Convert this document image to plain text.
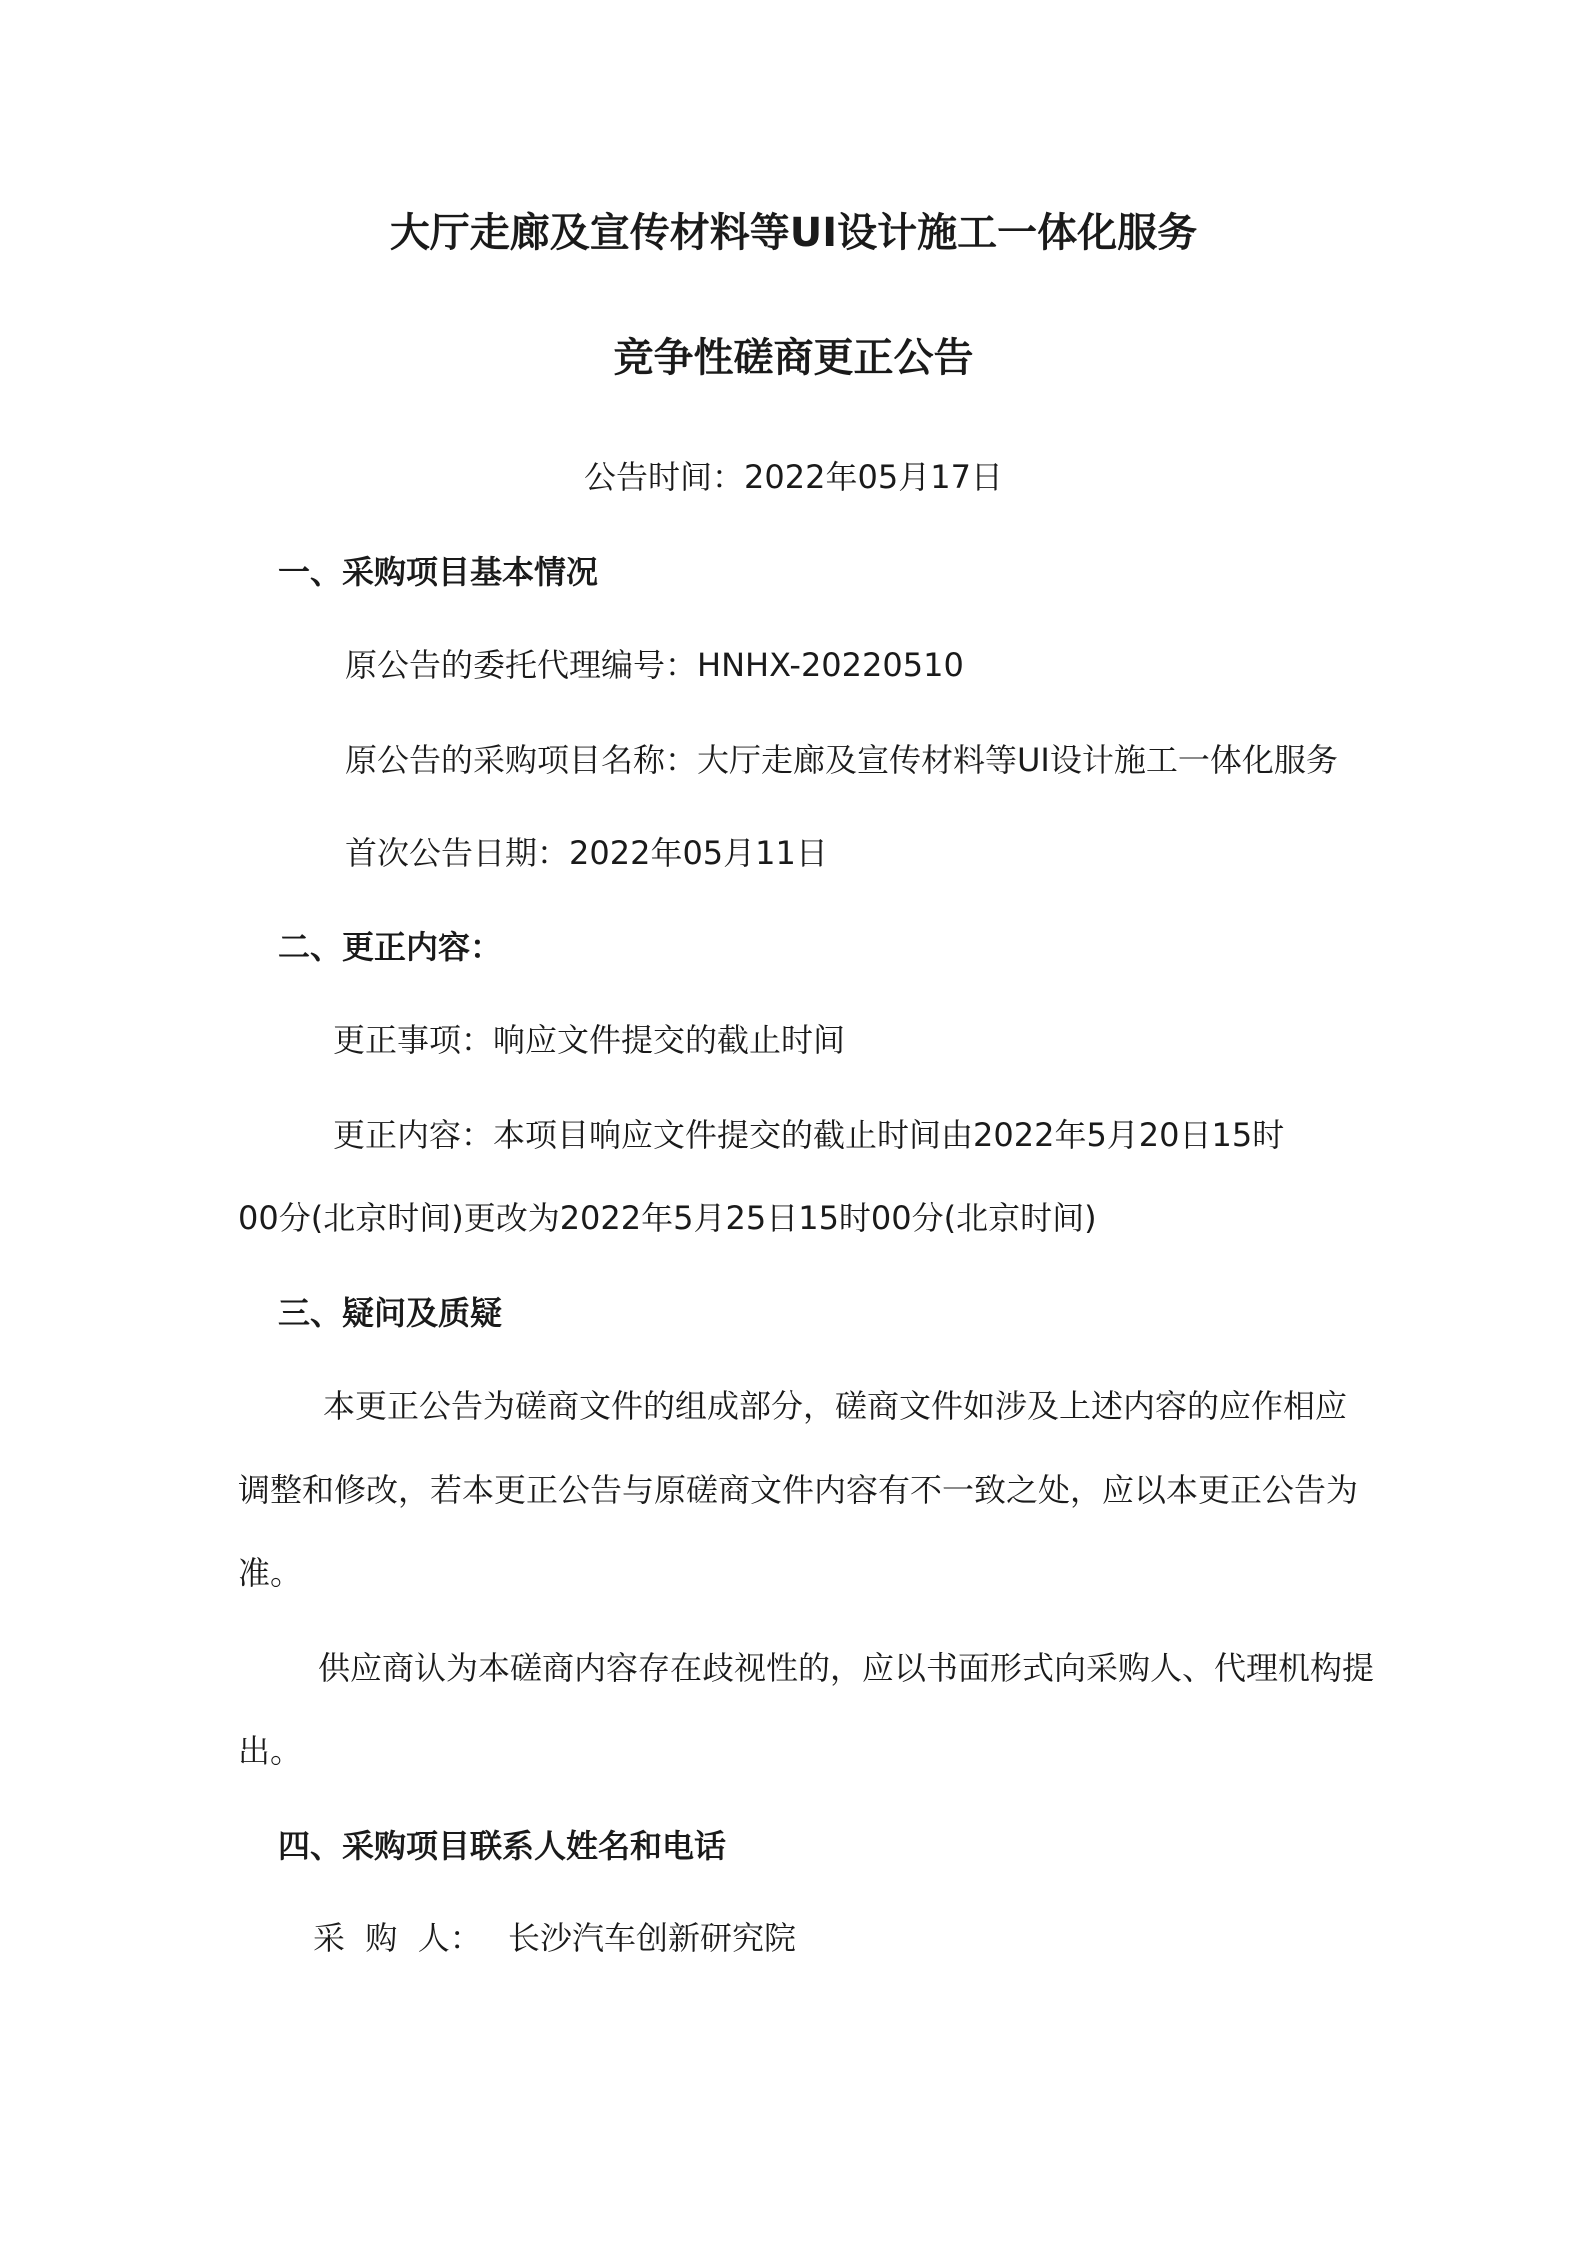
大厅走廊及宣传材料等UI设计施工一体化服务
竞争性磋商更正公告
公告时间：2022年05月17日
一、采购项目基本情况
原公告的委托代理编号：HNHX-20220510
原公告的采购项目名称：大厅走廊及宣传材料等UI设计施工一体化服务
首次公告日期：2022年05月11日
二、更正内容：
更正事项：响应文件提交的截止时间
更正内容：本项目响应文件提交的截止时间由2022年5月20日15时
00分(北京时间)更改为2022年5月25日15时00分(北京时间)
三、疑问及质疑
本更正公告为磋商文件的组成部分，磋商文件如涉及上述内容的应作相应
调整和修改，若本更正公告与原磋商文件内容有不一致之处，应以本更正公告为
准。
供应商认为本磋商内容存在歧视性的，应以书面形式向采购人、代理机构提
出。
四、采购项目联系人姓名和电话
采  购  人： 长沙汽车创新研究院
